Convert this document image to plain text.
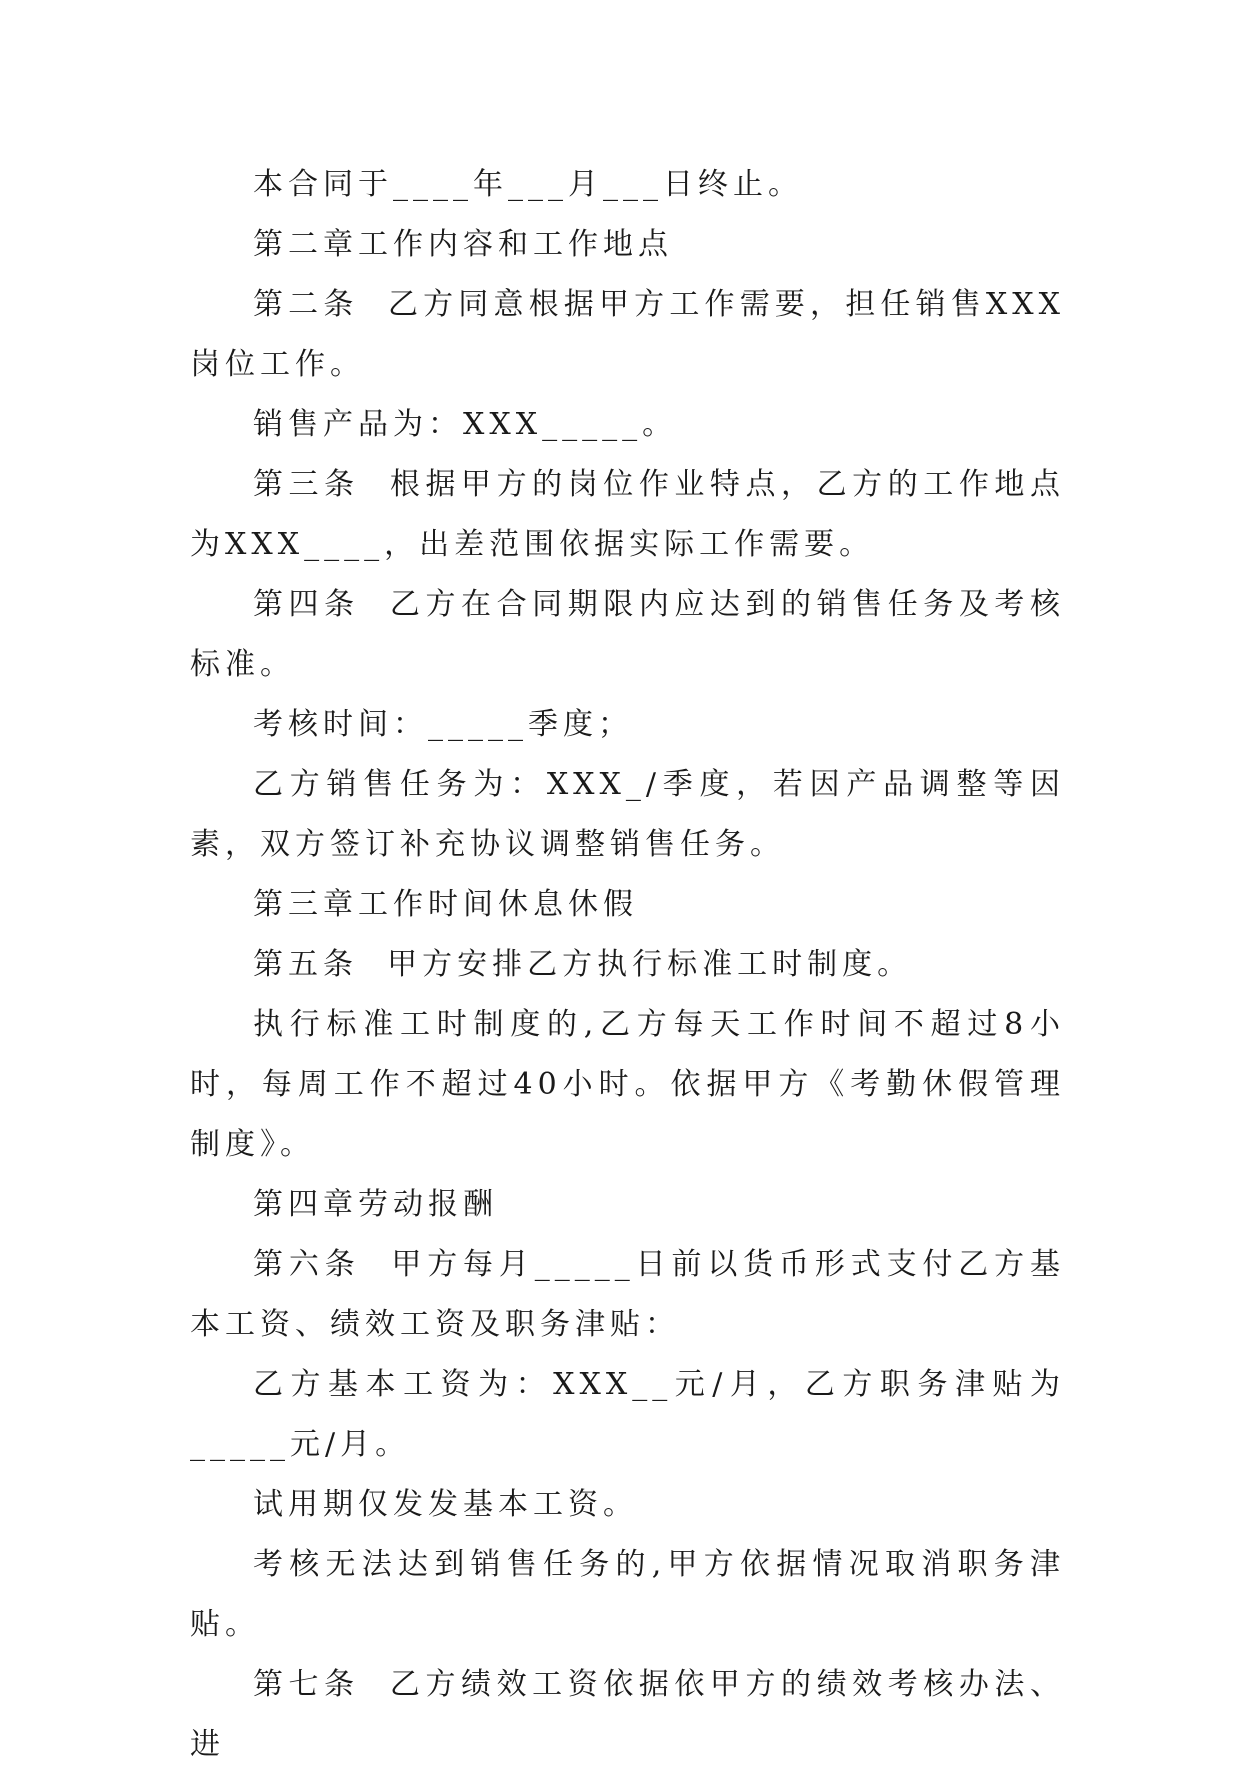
本合同于____年___月___日终止。

第二章工作内容和工作地点

第二条  乙方同意根据甲方工作需要，担任销售XXX岗位工作。

销售产品为：XXX_____。

第三条  根据甲方的岗位作业特点，乙方的工作地点为XXX____，出差范围依据实际工作需要。

第四条  乙方在合同期限内应达到的销售任务及考核标准。

考核时间：_____季度；

乙方销售任务为：XXX_/季度，若因产品调整等因素，双方签订补充协议调整销售任务。

第三章工作时间休息休假

第五条  甲方安排乙方执行标准工时制度。

执行标准工时制度的,乙方每天工作时间不超过8小时，每周工作不超过40小时。依据甲方《考勤休假管理制度》。

第四章劳动报酬

第六条  甲方每月_____日前以货币形式支付乙方基本工资、绩效工资及职务津贴：

乙方基本工资为：XXX__元/月，乙方职务津贴为_____元/月。

试用期仅发发基本工资。

考核无法达到销售任务的,甲方依据情况取消职务津贴。

第七条  乙方绩效工资依据依甲方的绩效考核办法、进
